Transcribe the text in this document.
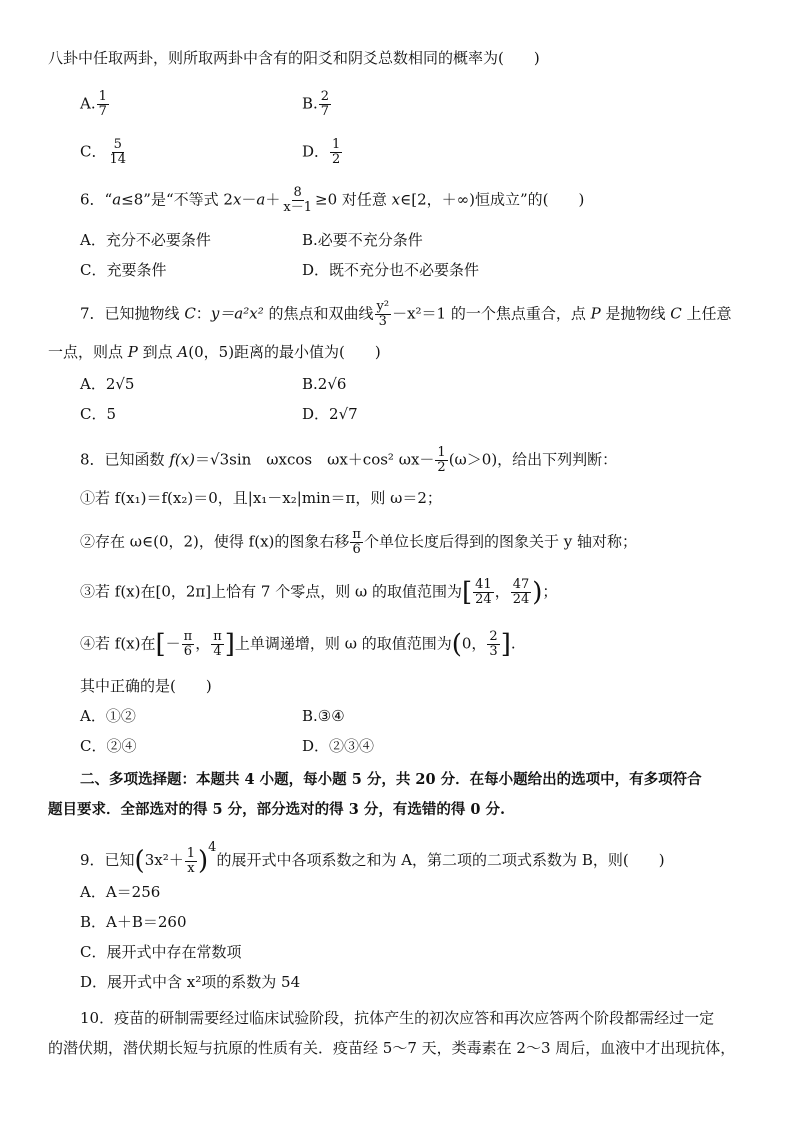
八卦中任取两卦，则所取两卦中含有的阳爻和阴爻总数相同的概率为(　　)
A. $\frac{1}{7}$	B. $\frac{2}{7}$
C． $\frac{5}{14}$	D． $\frac{1}{2}$
6．“a≤8”是“不等式 $2x-a+ \frac{8}{x-1} \ge 0$ 对任意 x∈[2，＋∞)恒成立”的(　　)
A．充分不必要条件	B.必要不充分条件
C．充要条件	D．既不充分也不必要条件
7．已知抛物线 C：y＝a²x² 的焦点和双曲线 $\frac{\text{y²}}{3} -x^2=1$ 的一个焦点重合，点 P 是抛物线 C 上任意
一点，则点 P 到点 A(0，5)距离的最小值为(　　)
A．2√5	B.2√6
C．5	D．2√7
8．已知函数 f(x)＝√3sin　ωxcos　ωx＋cos² $\omega x- \frac{1}{2} (\omega>0)$，给出下列判断：
①若 f(x₁)＝f(x₂)＝0，且|x₁－x₂|min＝π，则 ω＝2；
②存在 ω∈(0，2)，使得 f(x)的图象右移 $\frac{\pi}{6}$ 个单位长度后得到的图象关于 y 轴对称；
③若 f(x)在[0，2π]上恰有 7 个零点，则 ω 的取值范围为[ $\frac{41}{24}$ ， $\frac{47}{24}$ )；
④若 f(x)在[－ $\frac{\pi}{6}$ ， $\frac{\pi}{4}$ ]上单调递增，则 ω 的取值范围为(0， $\frac{2}{3}$ ].
其中正确的是(　　)
A．①②	B.③④
C．②④	D．②③④
二、多项选择题：本题共 4 小题，每小题 5 分，共 20 分．在每小题给出的选项中，有多项符合
题目要求．全部选对的得 5 分，部分选对的得 3 分，有选错的得 0 分.
9．已知$(3x^2+ \frac{1}{x} )^4$的展开式中各项系数之和为 A，第二项的二项式系数为 B，则(　　)
A．A＝256
B．A＋B＝260
C．展开式中存在常数项
D．展开式中含 x²项的系数为 54
10．疫苗的研制需要经过临床试验阶段，抗体产生的初次应答和再次应答两个阶段都需经过一定
的潜伏期，潜伏期长短与抗原的性质有关．疫苗经 5～7 天，类毒素在 2～3 周后，血液中才出现抗体，
